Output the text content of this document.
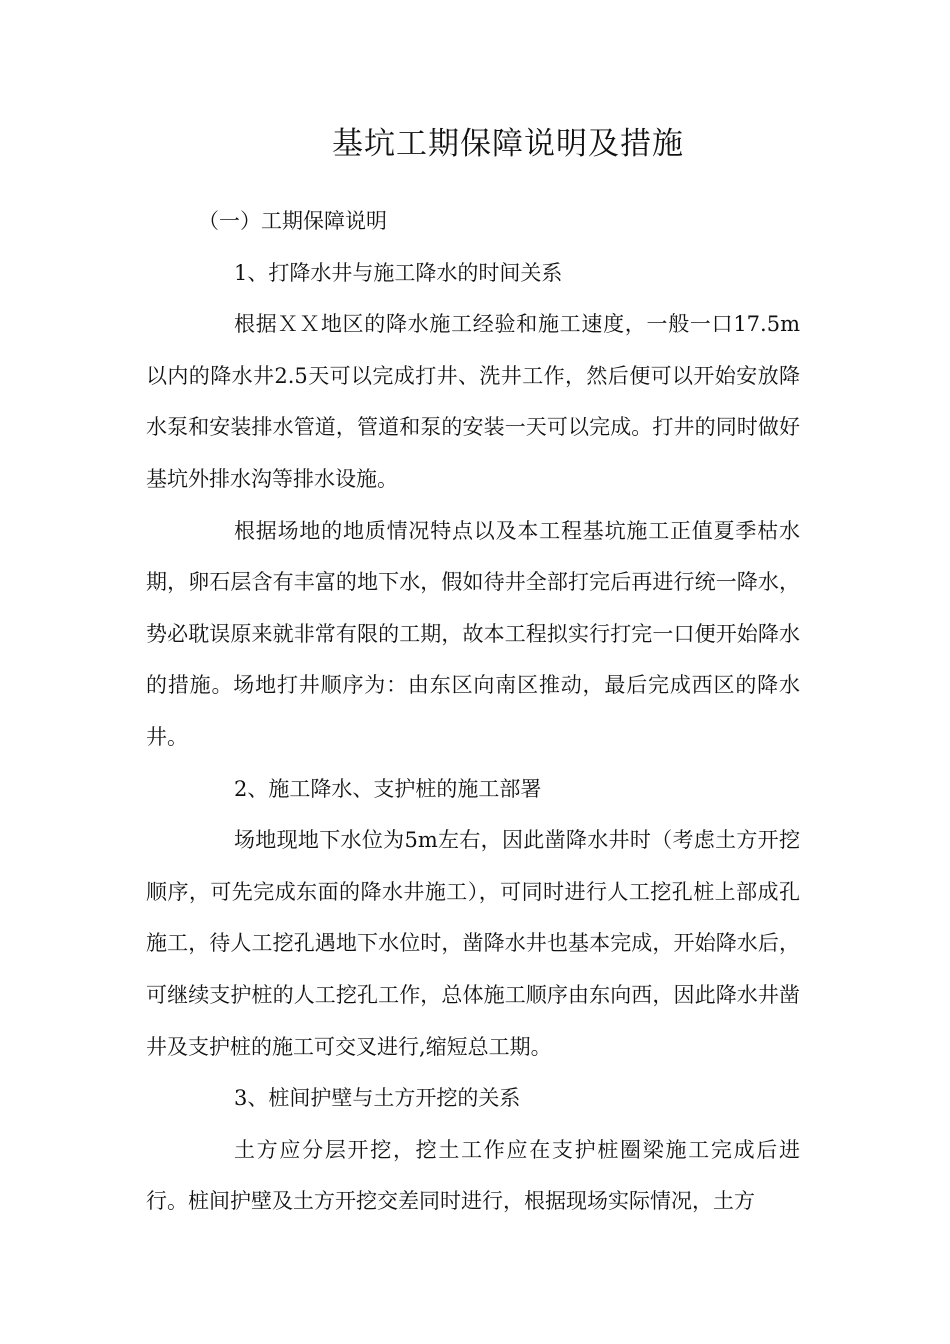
基坑工期保障说明及措施

（一）工期保障说明

1、打降水井与施工降水的时间关系

根据ＸＸ地区的降水施工经验和施工速度，一般一口17.5m以内的降水井2.5天可以完成打井、洗井工作，然后便可以开始安放降水泵和安装排水管道，管道和泵的安装一天可以完成。打井的同时做好基坑外排水沟等排水设施。

根据场地的地质情况特点以及本工程基坑施工正值夏季枯水期，卵石层含有丰富的地下水，假如待井全部打完后再进行统一降水，势必耽误原来就非常有限的工期，故本工程拟实行打完一口便开始降水的措施。场地打井顺序为：由东区向南区推动，最后完成西区的降水井。

2、施工降水、支护桩的施工部署

场地现地下水位为5m左右，因此凿降水井时（考虑土方开挖顺序，可先完成东面的降水井施工），可同时进行人工挖孔桩上部成孔施工，待人工挖孔遇地下水位时，凿降水井也基本完成，开始降水后，可继续支护桩的人工挖孔工作，总体施工顺序由东向西，因此降水井凿井及支护桩的施工可交叉进行,缩短总工期。

3、桩间护壁与土方开挖的关系

土方应分层开挖，挖土工作应在支护桩圈梁施工完成后进行。桩间护壁及土方开挖交差同时进行，根据现场实际情况，土方
